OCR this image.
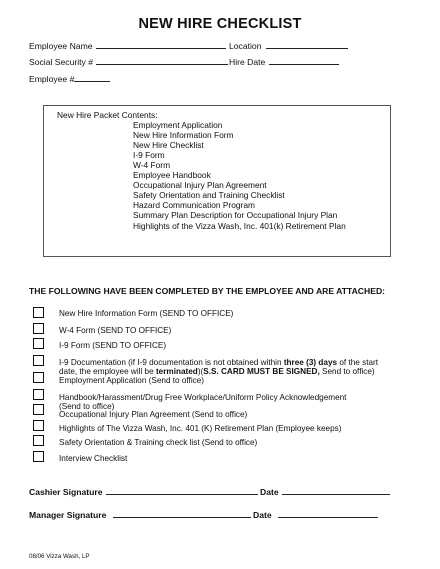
NEW HIRE CHECKLIST
Employee Name	Location
Social Security #	Hire Date
Employee #
New Hire Packet Contents:
Employment Application
New Hire Information Form
New Hire Checklist
I-9 Form
W-4 Form
Employee Handbook
Occupational Injury Plan Agreement
Safety Orientation and Training Checklist
Hazard Communication Program
Summary Plan Description for Occupational Injury Plan
Highlights of the Vizza Wash, Inc. 401(k) Retirement Plan
THE FOLLOWING HAVE BEEN COMPLETED BY THE EMPLOYEE AND ARE ATTACHED:
New Hire Information Form (SEND TO OFFICE)
W-4 Form (SEND TO OFFICE)
I-9 Form (SEND TO OFFICE)
I-9 Documentation (if I-9 documentation is not obtained within three (3) days of the start
date, the employee will be terminated)(S.S. CARD MUST BE SIGNED, Send to office)
Employment Application (Send to office)
Handbook/Harassment/Drug Free Workplace/Uniform Policy Acknowledgement
(Send to office)
Occupational Injury Plan Agreement (Send to office)
Highlights of The Vizza Wash, Inc. 401 (K) Retirement Plan (Employee keeps)
Safety Orientation & Training check list (Send to office)
Interview Checklist
Cashier Signature	Date
Manager Signature	Date
08/06 Vizza Wash, LP
